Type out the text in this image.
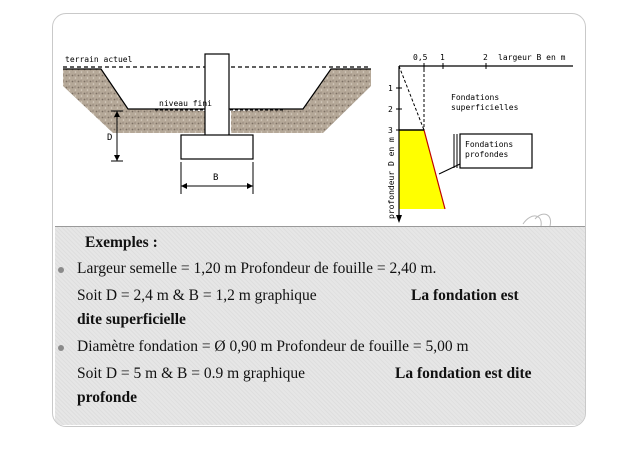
terrain actuel
niveau fini
D
B
0,5 1	2 largeur B en m
1
2
3
profondeur D en m
Fondations superficielles
Fondations profondes
Exemples :
Largeur semelle = 1,20 m Profondeur de fouille = 2,40 m.
Soit D = 2,4 m & B = 1,2 m graphique	La fondation est
dite superficielle
Diamètre fondation = Ø 0,90 m Profondeur de fouille = 5,00 m
Soit D = 5 m & B = 0.9 m graphique	La fondation est dite
profonde
